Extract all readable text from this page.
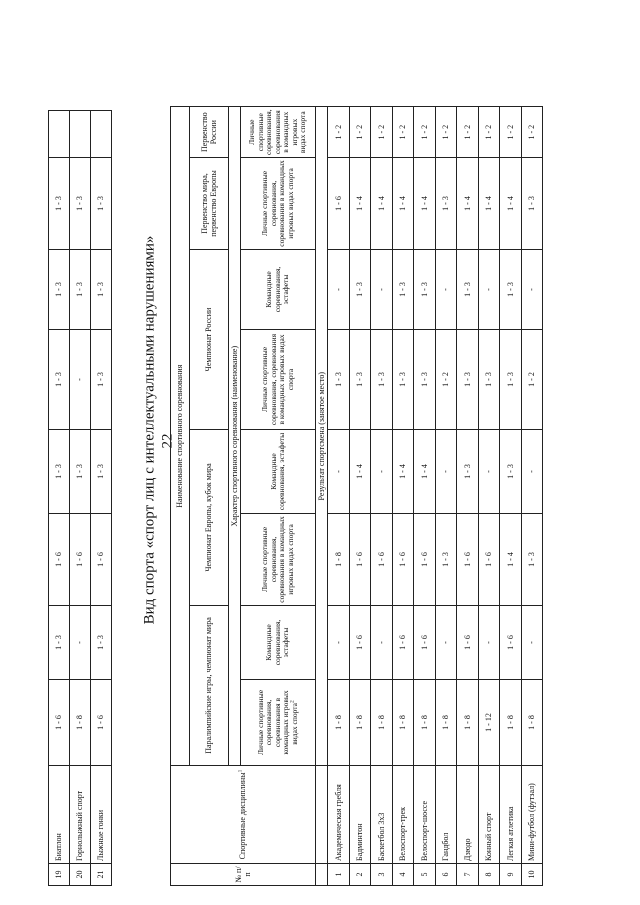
22
Вид спорта «спорт лиц с интеллектуальными нарушениями»
19	Биатлон	1 - 6	1 - 3	1 - 6	1 - 3	1 - 3	1 - 3	1 - 3	
20	Горнолыжный спорт	1 - 8	-	1 - 6	1 - 3	-	1 - 3	1 - 3	
21	Лыжные гонки	1 - 6	1 - 3	1 - 6	1 - 3	1 - 3	1 - 3	1 - 3	
№ п/п	Спортивные дисциплины$^1$	Наименование спортивного соревнования							
		Паралимпийские игры, чемпионат мира		Чемпионат Европы, кубок мира		Чемпионат России		Первенство мира, первенство Европы	Первенство России
		Характер спортивного соревнования (наименование)							
		Личные спортивные соревнования, соревнования в командных игровых видах спорта$^2$	Командные соревнования, эстафеты	Личные спортивные соревнования, соревнования в командных игровых видах спорта	Командные соревнования, эстафеты	Личные спортивные соревнования, соревнования в командных игровых видах спорта	Командные соревнования, эстафеты	Личные спортивные соревнования, соревнования в командных игровых видах спорта	Личные спортивные соревнования, соревнования в командных игровых видах спорта
		Результат спортсмена (занятое место)							
1	Академическая гребля	1 - 8	-	1 - 8	-	1 - 3	-	1 - 6	1 - 2
2	Бадминтон	1 - 8	1 - 6	1 - 6	1 - 4	1 - 3	1 - 3	1 - 4	1 - 2
3	Баскетбол 3х3	1 - 8	-	1 - 6	-	1 - 3	-	1 - 4	1 - 2
4	Велоспорт-трек	1 - 8	1 - 6	1 - 6	1 - 4	1 - 3	1 - 3	1 - 4	1 - 2
5	Велоспорт-шоссе	1 - 8	1 - 6	1 - 6	1 - 4	1 - 3	1 - 3	1 - 4	1 - 2
6	Гандбол	1 - 8	-	1 - 3	-	1 - 2	-	1 - 3	1 - 2
7	Дзюдо	1 - 8	1 - 6	1 - 6	1 - 3	1 - 3	1 - 3	1 - 4	1 - 2
8	Конный спорт	1 - 12	-	1 - 6	-	1 - 3	-	1 - 4	1 - 2
9	Легкая атлетика	1 - 8	1 - 6	1 - 4	1 - 3	1 - 3	1 - 3	1 - 4	1 - 2
10	Мини-футбол (футзал)	1 - 8	-	1 - 3	-	1 - 2	-	1 - 3	1 - 2
